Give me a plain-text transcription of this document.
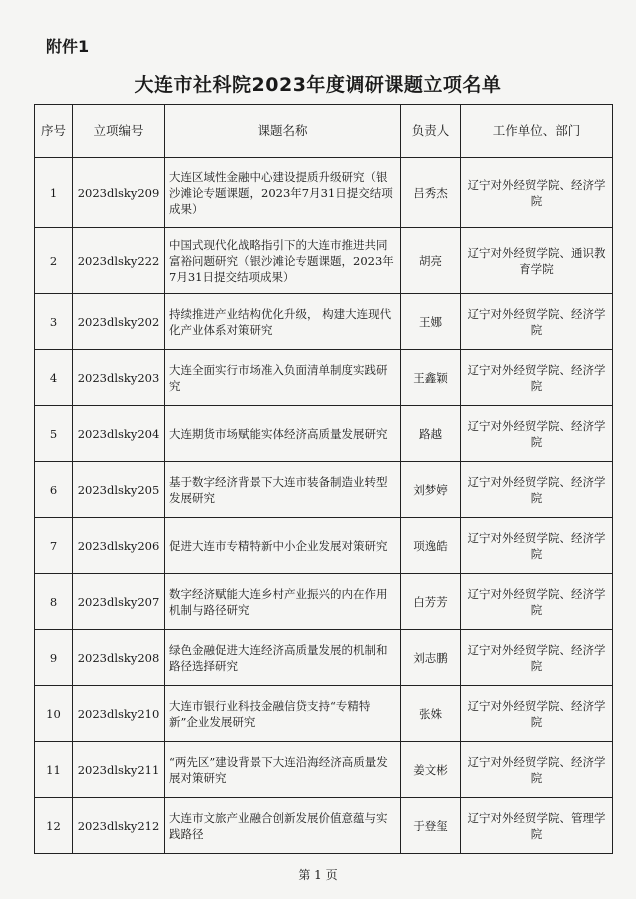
附件1
大连市社科院2023年度调研课题立项名单
序号	立项编号	课题名称	负责人	工作单位、部门
1	2023dlsky209	大连区域性金融中心建设提质升级研究（银沙滩论专题课题，2023年7月31日提交结项成果）	吕秀杰	辽宁对外经贸学院、经济学院
2	2023dlsky222	中国式现代化战略指引下的大连市推进共同富裕问题研究（银沙滩论专题课题，2023年7月31日提交结项成果）	胡亮	辽宁对外经贸学院、通识教育学院
3	2023dlsky202	持续推进产业结构优化升级， 构建大连现代化产业体系对策研究	王娜	辽宁对外经贸学院、经济学院
4	2023dlsky203	大连全面实行市场准入负面清单制度实践研究	王鑫颖	辽宁对外经贸学院、经济学院
5	2023dlsky204	大连期货市场赋能实体经济高质量发展研究	路越	辽宁对外经贸学院、经济学院
6	2023dlsky205	基于数字经济背景下大连市装备制造业转型发展研究	刘梦婷	辽宁对外经贸学院、经济学院
7	2023dlsky206	促进大连市专精特新中小企业发展对策研究	项逸皓	辽宁对外经贸学院、经济学院
8	2023dlsky207	数字经济赋能大连乡村产业振兴的内在作用机制与路径研究	白芳芳	辽宁对外经贸学院、经济学院
9	2023dlsky208	绿色金融促进大连经济高质量发展的机制和路径选择研究	刘志鹏	辽宁对外经贸学院、经济学院
10	2023dlsky210	大连市银行业科技金融信贷支持“专精特新”企业发展研究	张姝	辽宁对外经贸学院、经济学院
11	2023dlsky211	“两先区”建设背景下大连沿海经济高质量发展对策研究	姜文彬	辽宁对外经贸学院、经济学院
12	2023dlsky212	大连市文旅产业融合创新发展价值意蕴与实践路径	于登玺	辽宁对外经贸学院、管理学院
第 1 页
